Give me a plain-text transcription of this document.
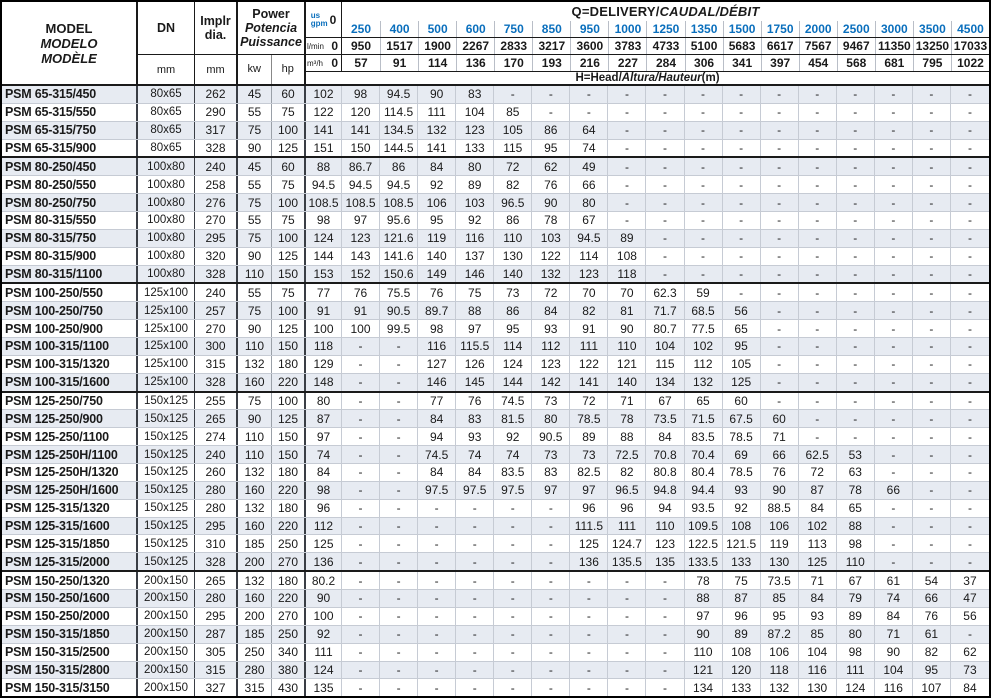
MODEL
MODELO
MODÈLE
DN
mm
Implr
dia.
mm
Power
Potencia
Puissance
kw	hp
us
gpm 0
Q=DELIVERY/CAUDAL/DÉBIT
250	400	500	600	750	850	950	1000 1250 1350 1500 1750 2000 2500 3000 3500 4500
l/min 0	950	1517 1900 2267 2833 3217 3600 3783 4733 5100 5683 6617 7567 9467 11350 13250 17033
m³/h 0	57	91	114	136	170	193	216	227	284	306	341	397	454	568	681	795	1022
H=Head/Altura/Hauteur(m)
PSM 65-315/450	80x65	262	45	60	102	98	94.5	90	83	-	-	-	-	-	-	-	-	-	-	-	-	-
PSM 65-315/550	80x65	290	55	75	122	120	114.5	111	104	85	-	-	-	-	-	-	-	-	-	-	-	-
PSM 65-315/750	80x65	317	75	100	141	141	134.5	132	123	105	86	64	-	-	-	-	-	-	-	-	-	-
PSM 65-315/900	80x65	328	90	125	151	150	144.5	141	133	115	95	74	-	-	-	-	-	-	-	-	-	-
PSM 80-250/450	100x80	240	45	60	88	86.7	86	84	80	72	62	49	-	-	-	-	-	-	-	-	-	-
PSM 80-250/550	100x80	258	55	75	94.5	94.5	94.5	92	89	82	76	66	-	-	-	-	-	-	-	-	-	-
PSM 80-250/750	100x80	276	75	100 108.5 108.5 108.5	106	103	96.5	90	80	-	-	-	-	-	-	-	-	-	-
PSM 80-315/550	100x80	270	55	75	98	97	95.6	95	92	86	78	67	-	-	-	-	-	-	-	-	-	-
PSM 80-315/750	100x80	295	75	100	124	123	121.6	119	116	110	103	94.5	89	-	-	-	-	-	-	-	-	-
PSM 80-315/900	100x80	320	90	125	144	143	141.6	140	137	130	122	114	108	-	-	-	-	-	-	-	-	-
PSM 80-315/1100	100x80	328	110	150	153	152	150.6	149	146	140	132	123	118	-	-	-	-	-	-	-	-	-
PSM 100-250/550	125x100	240	55	75	77	76	75.5	76	75	73	72	70	70	62.3	59	-	-	-	-	-	-	-
PSM 100-250/750	125x100	257	75	100	91	91	90.5	89.7	88	86	84	82	81	71.7	68.5	56	-	-	-	-	-	-
PSM 100-250/900	125x100	270	90	125	100	100	99.5	98	97	95	93	91	90	80.7	77.5	65	-	-	-	-	-	-
PSM 100-315/1100	125x100	300	110	150	118	-	-	116	115.5	114	112	111	110	104	102	95	-	-	-	-	-	-
PSM 100-315/1320	125x100	315	132	180	129	-	-	127	126	124	123	122	121	115	112	105	-	-	-	-	-	-
PSM 100-315/1600	125x100	328	160	220	148	-	-	146	145	144	142	141	140	134	132	125	-	-	-	-	-	-
PSM 125-250/750	150x125	255	75	100	80	-	-	77	76	74.5	73	72	71	67	65	60	-	-	-	-	-	-
PSM 125-250/900	150x125	265	90	125	87	-	-	84	83	81.5	80	78.5	78	73.5	71.5	67.5	60	-	-	-	-	-
PSM 125-250/1100	150x125	274	110	150	97	-	-	94	93	92	90.5	89	88	84	83.5	78.5	71	-	-	-	-	-
PSM 125-250H/1100	150x125	240	110	150	74	-	-	74.5	74	74	73	73	72.5	70.8	70.4	69	66	62.5	53	-	-	-
PSM 125-250H/1320	150x125	260	132	180	84	-	-	84	84	83.5	83	82.5	82	80.8	80.4	78.5	76	72	63	-	-	-
PSM 125-250H/1600	150x125	280	160	220	98	-	-	97.5	97.5	97.5	97	97	96.5	94.8	94.4	93	90	87	78	66	-	-
PSM 125-315/1320	150x125	280	132	180	96	-	-	-	-	-	-	96	96	94	93.5	92	88.5	84	65	-	-	-
PSM 125-315/1600	150x125	295	160	220	112	-	-	-	-	-	-	111.5	111	110	109.5	108	106	102	88	-	-	-
PSM 125-315/1850	150x125	310	185	250	125	-	-	-	-	-	-	125	124.7	123	122.5 121.5	119	113	98	-	-	-
PSM 125-315/2000	150x125	328	200	270	136	-	-	-	-	-	-	136	135.5	135	133.5	133	130	125	110	-	-	-
PSM 150-250/1320	200x150	265	132	180	80.2	-	-	-	-	-	-	-	-	-	78	75	73.5	71	67	61	54	37
PSM 150-250/1600	200x150	280	160	220	90	-	-	-	-	-	-	-	-	-	88	87	85	84	79	74	66	47
PSM 150-250/2000	200x150	295	200	270	100	-	-	-	-	-	-	-	-	-	97	96	95	93	89	84	76	56
PSM 150-315/1850	200x150	287	185	250	92	-	-	-	-	-	-	-	-	-	90	89	87.2	85	80	71	61	-
PSM 150-315/2500	200x150	305	250	340	111	-	-	-	-	-	-	-	-	-	110	108	106	104	98	90	82	62
PSM 150-315/2800	200x150	315	280	380	124	-	-	-	-	-	-	-	-	-	121	120	118	116	111	104	95	73
PSM 150-315/3150	200x150	327	315	430	135	-	-	-	-	-	-	-	-	-	134	133	132	130	124	116	107	84
